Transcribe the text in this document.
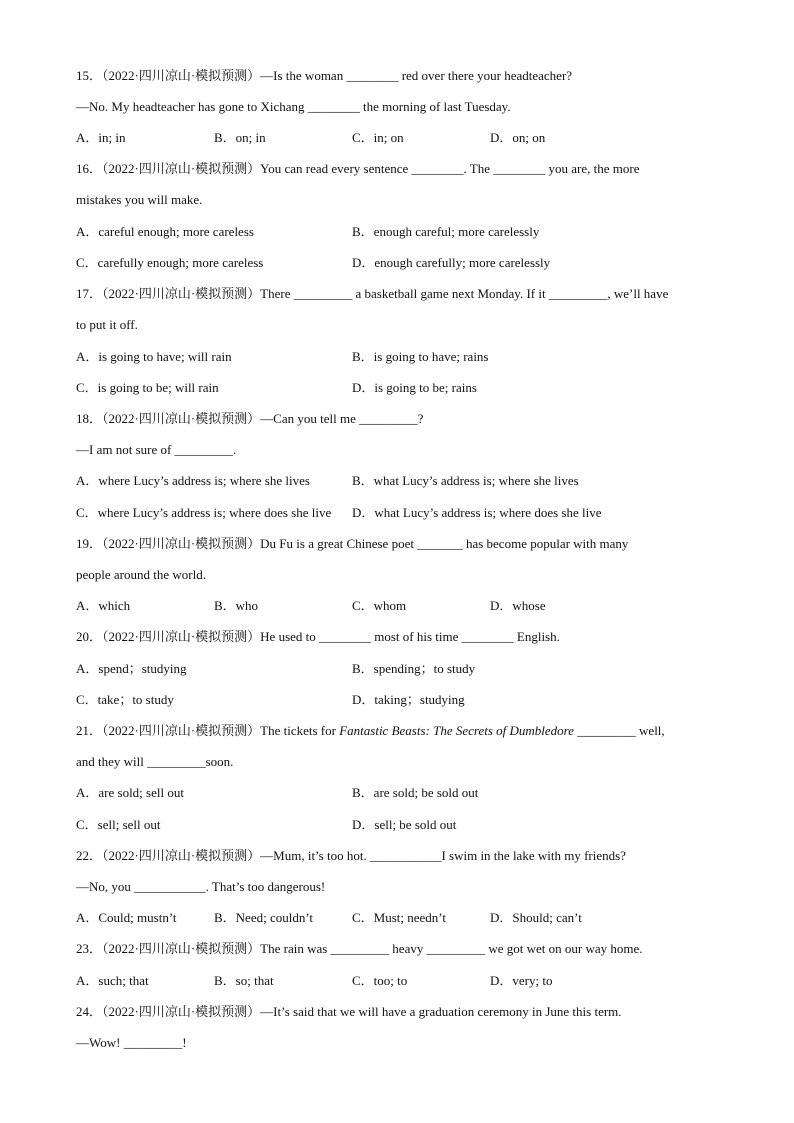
15．（2022·四川凉山·模拟预测）—Is the woman ________ red over there your headteacher?
—No. My headteacher has gone to Xichang ________ the morning of last Tuesday.
A．in; in	B．on; in	C．in; on	D．on; on
16．（2022·四川凉山·模拟预测）You can read every sentence ________. The ________ you are, the more
mistakes you will make.
A．careful enough; more careless	B．enough careful; more carelessly
C．carefully enough; more careless	D．enough carefully; more carelessly
17．（2022·四川凉山·模拟预测）There _________ a basketball game next Monday. If it _________, we’ll have
to put it off.
A．is going to have; will rain	B．is going to have; rains
C．is going to be; will rain	D．is going to be; rains
18．（2022·四川凉山·模拟预测）—Can you tell me _________?
—I am not sure of _________.
A．where Lucy’s address is; where she lives	B．what Lucy’s address is; where she lives
C．where Lucy’s address is; where does she live D．what Lucy’s address is; where does she live
19．（2022·四川凉山·模拟预测）Du Fu is a great Chinese poet _______ has become popular with many
people around the world.
A．which	B．who	C．whom	D．whose
20．（2022·四川凉山·模拟预测）He used to ________ most of his time ________ English.
A．spend；studying	B．spending；to study
C．take；to study	D．taking；studying
21．（2022·四川凉山·模拟预测）The tickets for Fantastic Beasts: The Secrets of Dumbledore _________ well,
and they will _________soon.
A．are sold; sell out	B．are sold; be sold out
C．sell; sell out	D．sell; be sold out
22．（2022·四川凉山·模拟预测）—Mum, it’s too hot. ___________I swim in the lake with my friends?
—No, you ___________. That’s too dangerous!
A．Could; mustn’t	B．Need; couldn’t	C．Must; needn’t	D．Should; can’t
23．（2022·四川凉山·模拟预测）The rain was _________ heavy _________ we got wet on our way home.
A．such; that	B．so; that	C．too; to	D．very; to
24．（2022·四川凉山·模拟预测）—It’s said that we will have a graduation ceremony in June this term.
—Wow! _________!
